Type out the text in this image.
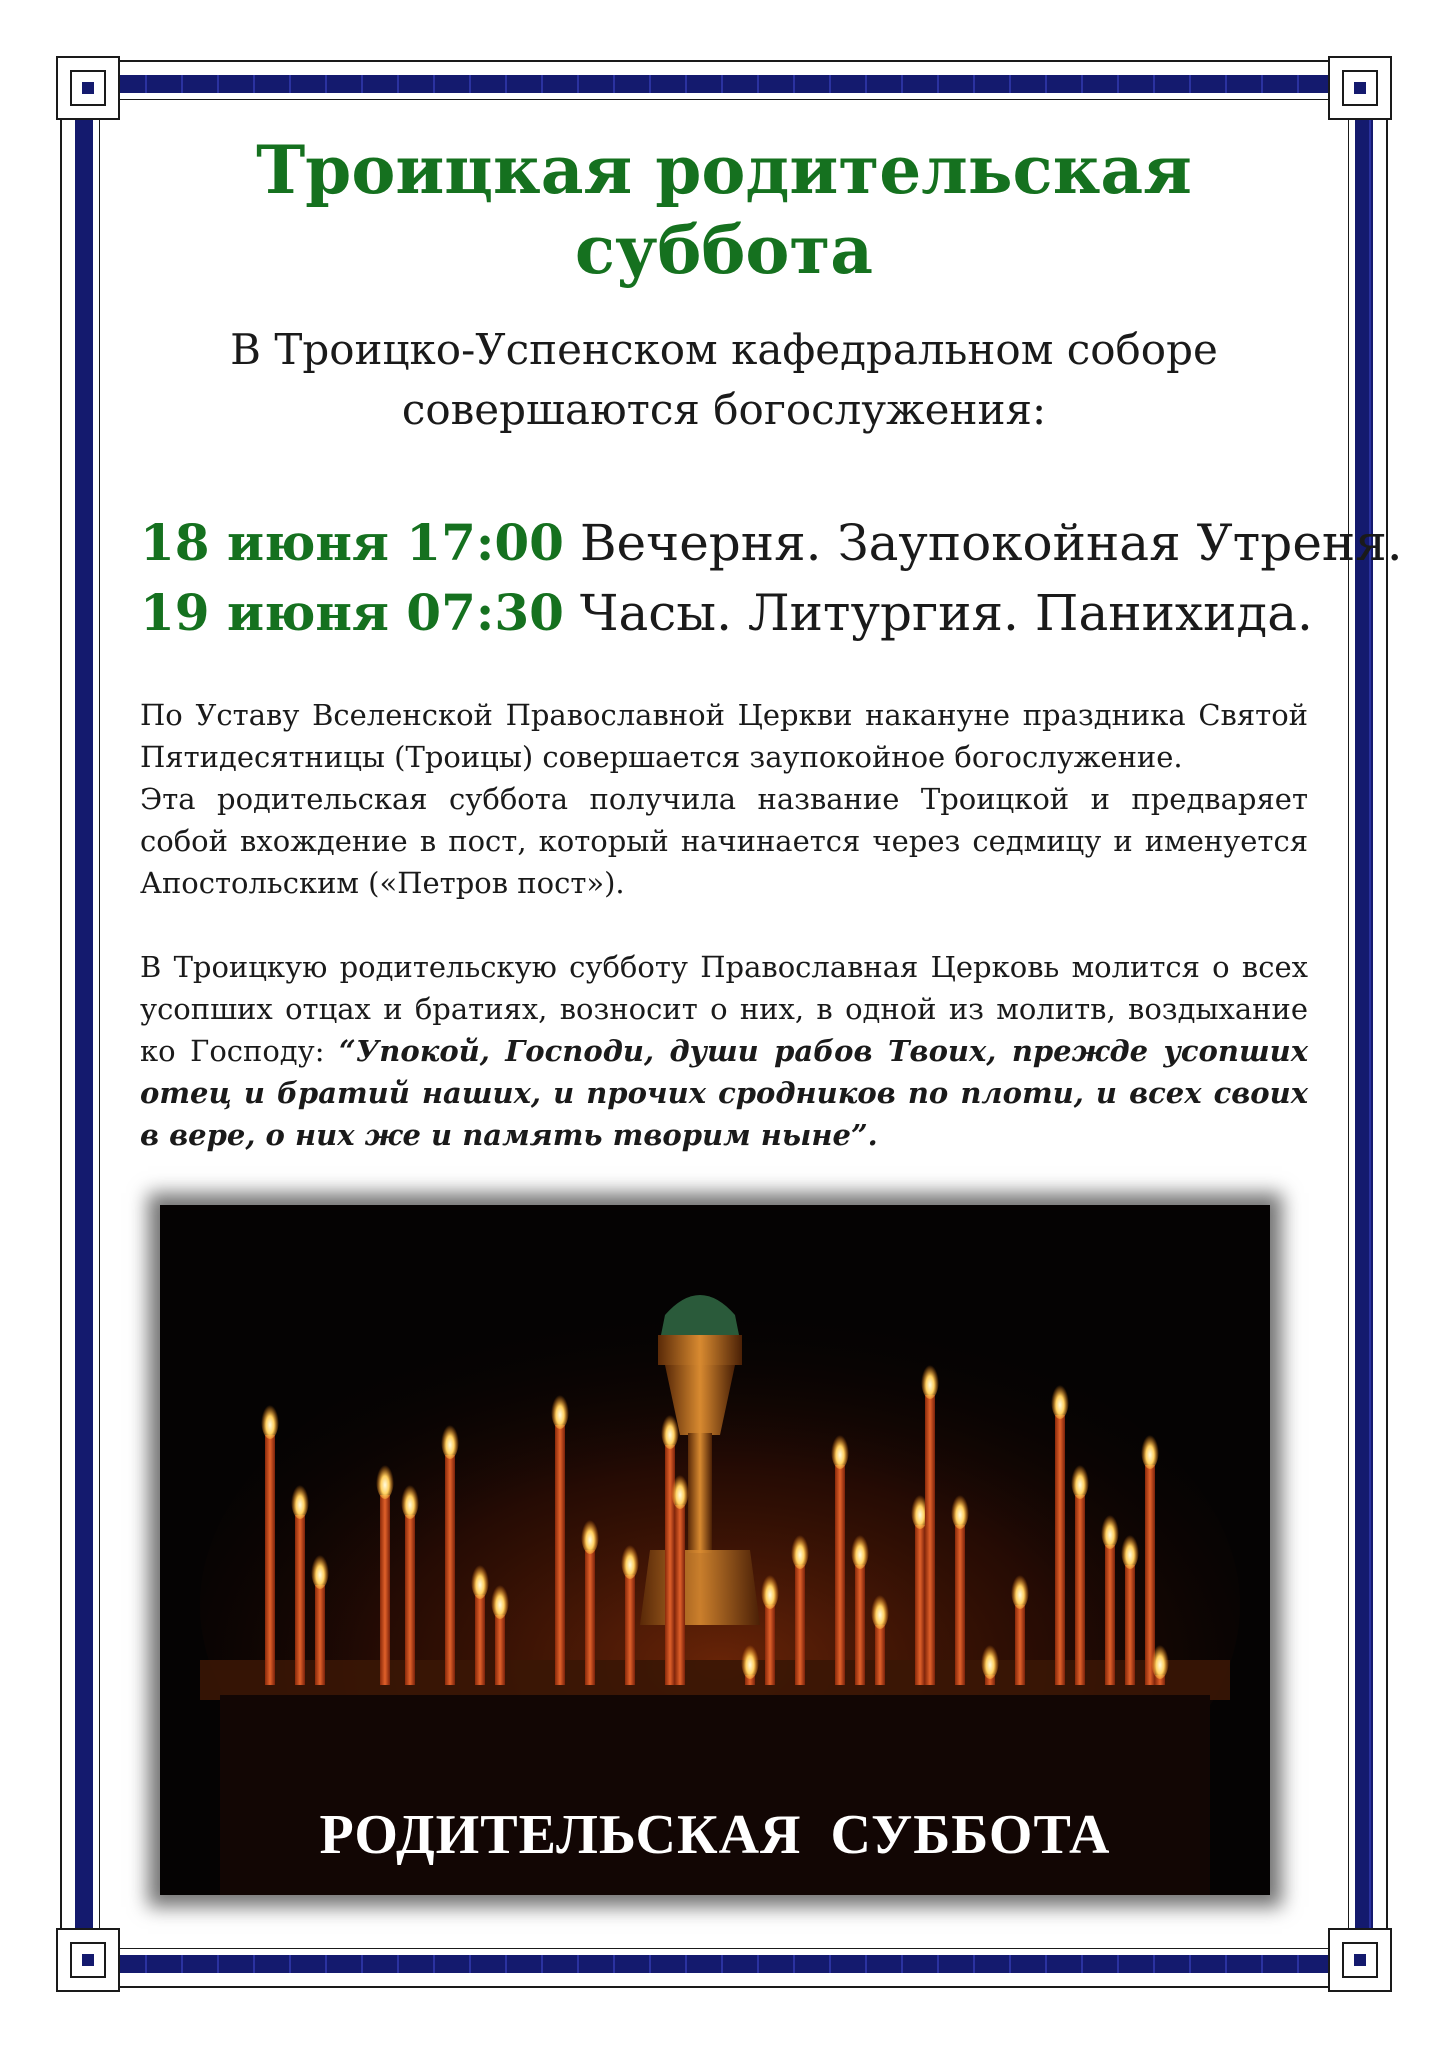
Троицкая родительская суббота

В Троицко-Успенском кафедральном соборе
совершаются богослужения:

18 июня 17:00 Вечерня. Заупокойная Утреня.
19 июня 07:30 Часы. Литургия. Панихида.

По Уставу Вселенской Православной Церкви накануне праздника Святой Пятидесятницы (Троицы) совершается заупокойное богослужение.

Эта родительская суббота получила название Троицкой и предваряет собой вхождение в пост, который начинается через седмицу и именуется Апостольским («Петров пост»).

В Троицкую родительскую субботу Православная Церковь молится о всех усопших отцах и братиях, возносит о них, в одной из молитв, воздыхание ко Господу: “Упокой, Господи, души рабов Твоих, прежде усопших отец и братий наших, и прочих сродников по плоти, и всех своих в вере, о них же и память творим ныне”.

РОДИТЕЛЬСКАЯ СУББОТА
